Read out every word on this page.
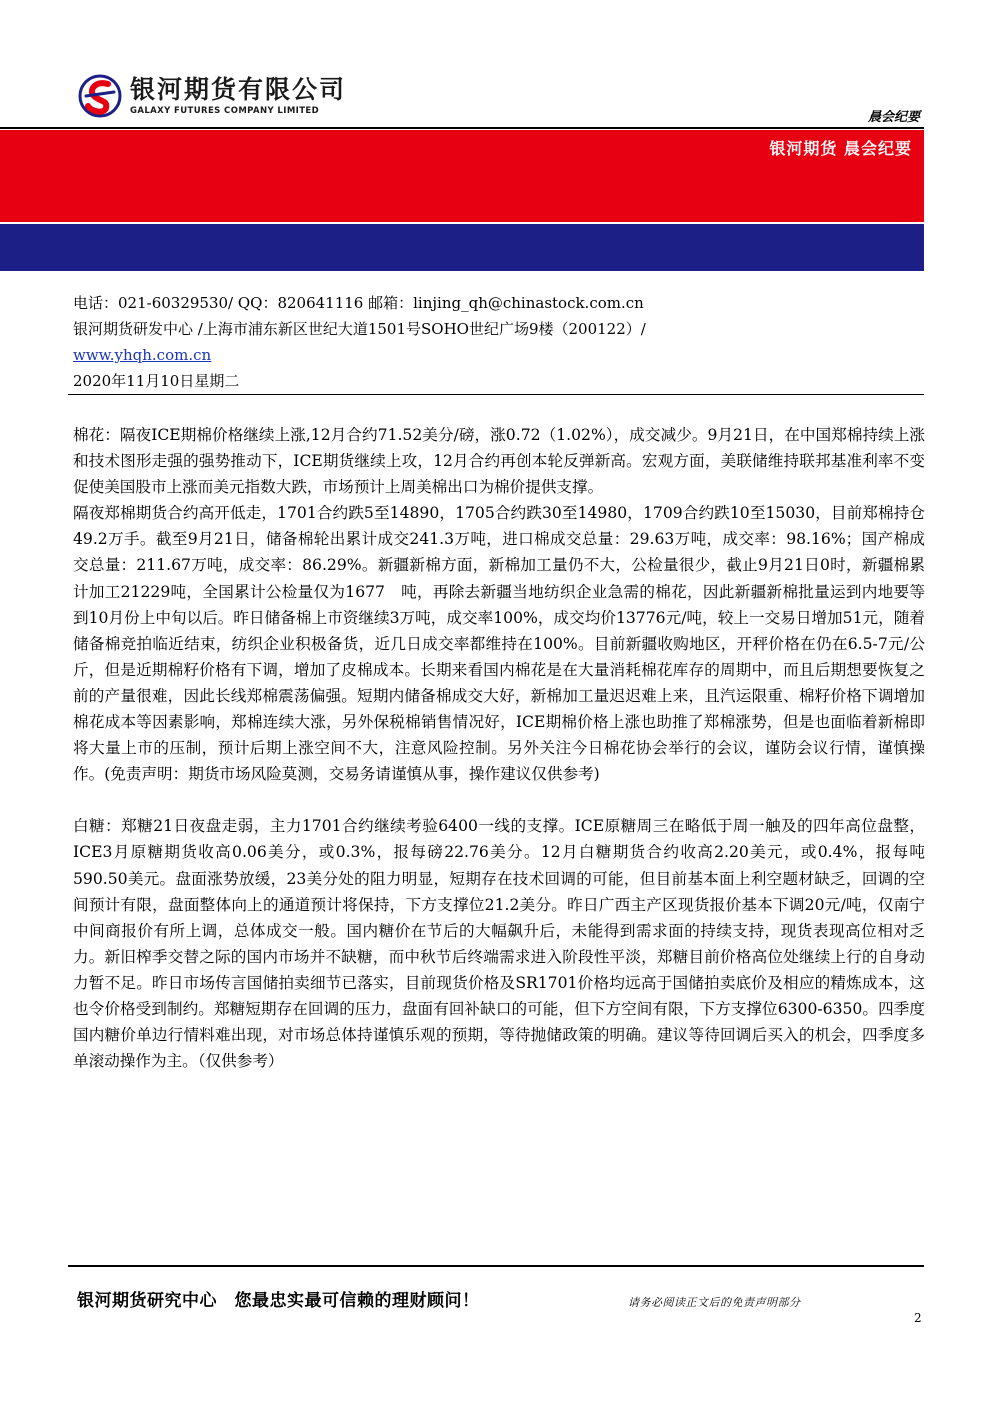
银河期货有限公司
GALAXY FUTURES COMPANY LIMITED	晨会纪要
银河期货 晨会纪要
电话：021-60329530/ QQ：820641116 邮箱：linjing_qh@chinastock.com.cn
银河期货研发中心 /上海市浦东新区世纪大道1501号SOHO世纪广场9楼（200122）/
www.yhqh.com.cn
2020年11月10日星期二

棉花：隔夜ICE期棉价格继续上涨,12月合约71.52美分/磅，涨0.72（1.02%），成交减少。9月21日，在中国郑棉持续上涨和技术图形走强的强势推动下，ICE期货继续上攻，12月合约再创本轮反弹新高。宏观方面，美联储维持联邦基准利率不变促使美国股市上涨而美元指数大跌，市场预计上周美棉出口为棉价提供支撑。

隔夜郑棉期货合约高开低走，1701合约跌5至14890，1705合约跌30至14980，1709合约跌10至15030，目前郑棉持仓49.2万手。截至9月21日，储备棉轮出累计成交241.3万吨，进口棉成交总量：29.63万吨，成交率：98.16%；国产棉成交总量：211.67万吨，成交率：86.29%。新疆新棉方面，新棉加工量仍不大，公检量很少，截止9月21日0时，新疆棉累计加工21229吨，全国累计公检量仅为1677　吨，再除去新疆当地纺织企业急需的棉花，因此新疆新棉批量运到内地要等到10月份上中旬以后。昨日储备棉上市资继续3万吨，成交率100%，成交均价13776元/吨，较上一交易日增加51元，随着储备棉竞拍临近结束，纺织企业积极备货，近几日成交率都维持在100%。目前新疆收购地区，开秤价格在仍在6.5-7元/公斤，但是近期棉籽价格有下调，增加了皮棉成本。长期来看国内棉花是在大量消耗棉花库存的周期中，而且后期想要恢复之前的产量很难，因此长线郑棉震荡偏强。短期内储备棉成交大好，新棉加工量迟迟难上来，且汽运限重、棉籽价格下调增加棉花成本等因素影响，郑棉连续大涨，另外保税棉销售情况好，ICE期棉价格上涨也助推了郑棉涨势，但是也面临着新棉即将大量上市的压制，预计后期上涨空间不大，注意风险控制。另外关注今日棉花协会举行的会议，谨防会议行情，谨慎操作。(免责声明：期货市场风险莫测，交易务请谨慎从事，操作建议仅供参考)

白糖：郑糖21日夜盘走弱，主力1701合约继续考验6400一线的支撑。ICE原糖周三在略低于周一触及的四年高位盘整，ICE3月原糖期货收高0.06美分，或0.3%，报每磅22.76美分。12月白糖期货合约收高2.20美元，或0.4%，报每吨590.50美元。盘面涨势放缓，23美分处的阻力明显，短期存在技术回调的可能，但目前基本面上利空题材缺乏，回调的空间预计有限，盘面整体向上的通道预计将保持，下方支撑位21.2美分。昨日广西主产区现货报价基本下调20元/吨，仅南宁中间商报价有所上调，总体成交一般。国内糖价在节后的大幅飙升后，未能得到需求面的持续支持，现货表现高位相对乏力。新旧榨季交替之际的国内市场并不缺糖，而中秋节后终端需求进入阶段性平淡，郑糖目前价格高位处继续上行的自身动力暂不足。昨日市场传言国储拍卖细节已落实，目前现货价格及SR1701价格均远高于国储拍卖底价及相应的精炼成本，这也令价格受到制约。郑糖短期存在回调的压力，盘面有回补缺口的可能，但下方空间有限，下方支撑位6300-6350。四季度国内糖价单边行情料难出现，对市场总体持谨慎乐观的预期，等待抛储政策的明确。建议等待回调后买入的机会，四季度多单滚动操作为主。（仅供参考）

银河期货研究中心　您最忠实最可信赖的理财顾问！	请务必阅读正文后的免责声明部分
2
